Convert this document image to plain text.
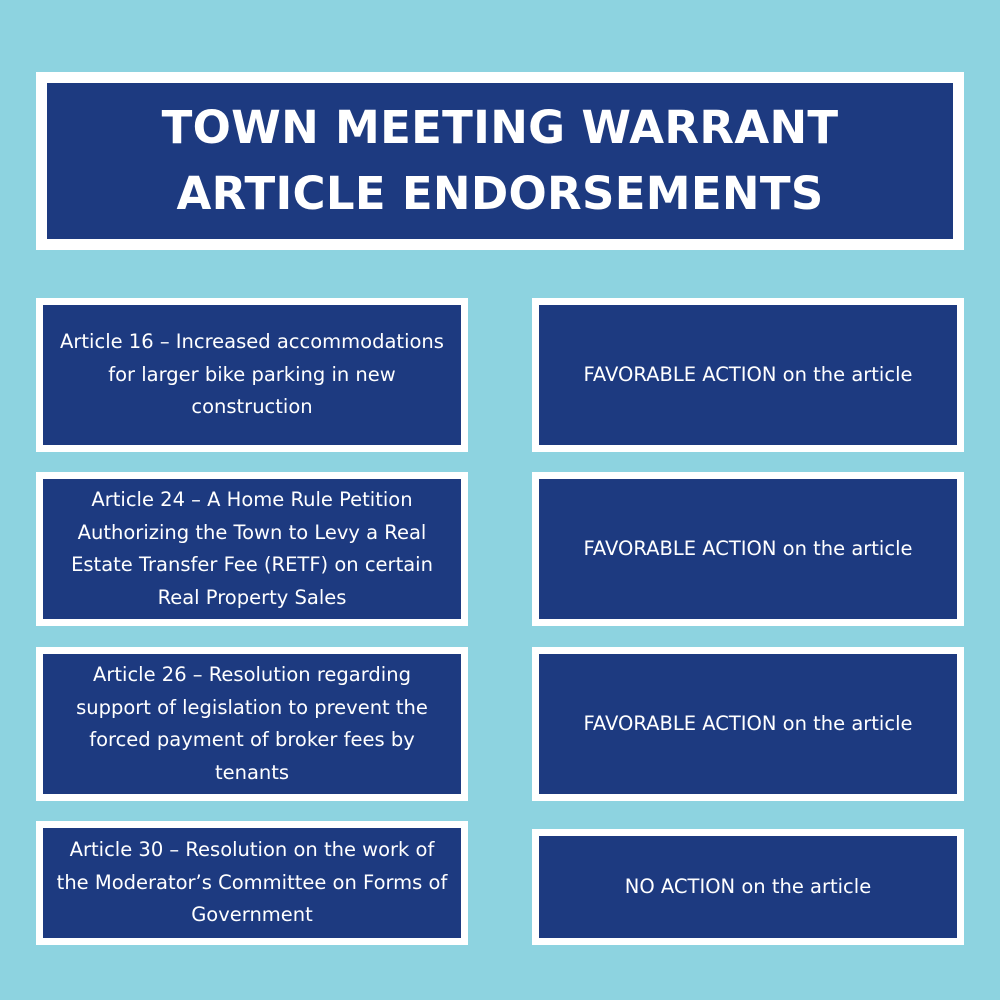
TOWN MEETING WARRANT ARTICLE ENDORSEMENTS
Article 16 – Increased accommodations for larger bike parking in new construction
FAVORABLE ACTION on the article
Article 24 – A Home Rule Petition Authorizing the Town to Levy a Real Estate Transfer Fee (RETF) on certain Real Property Sales
FAVORABLE ACTION on the article
Article 26 – Resolution regarding support of legislation to prevent the forced payment of broker fees by tenants
FAVORABLE ACTION on the article
Article 30 – Resolution on the work of the Moderator’s Committee on Forms of Government
NO ACTION on the article
